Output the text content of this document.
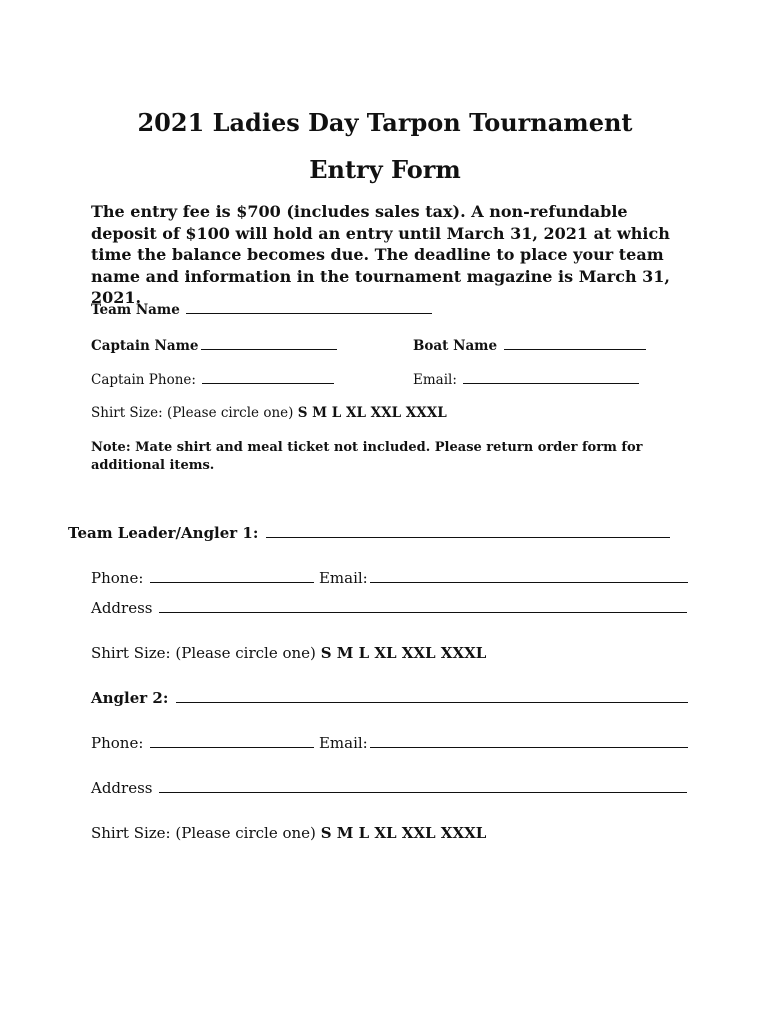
2021 Ladies Day Tarpon Tournament
Entry Form
The entry fee is $700 (includes sales tax). A non-refundable deposit of $100 will hold an entry until March 31, 2021 at which time the balance becomes due. The deadline to place your team name and information in the tournament magazine is March 31, 2021.
Team Name
Captain Name	Boat Name
Captain Phone:	Email:
Shirt Size: (Please circle one) S M L XL XXL XXXL
Note: Mate shirt and meal ticket not included. Please return order form for additional items.
Team Leader/Angler 1:
Phone:	Email:
Address
Shirt Size: (Please circle one) S M L XL XXL XXXL
Angler 2:
Phone:	Email:
Address
Shirt Size: (Please circle one) S M L XL XXL XXXL
